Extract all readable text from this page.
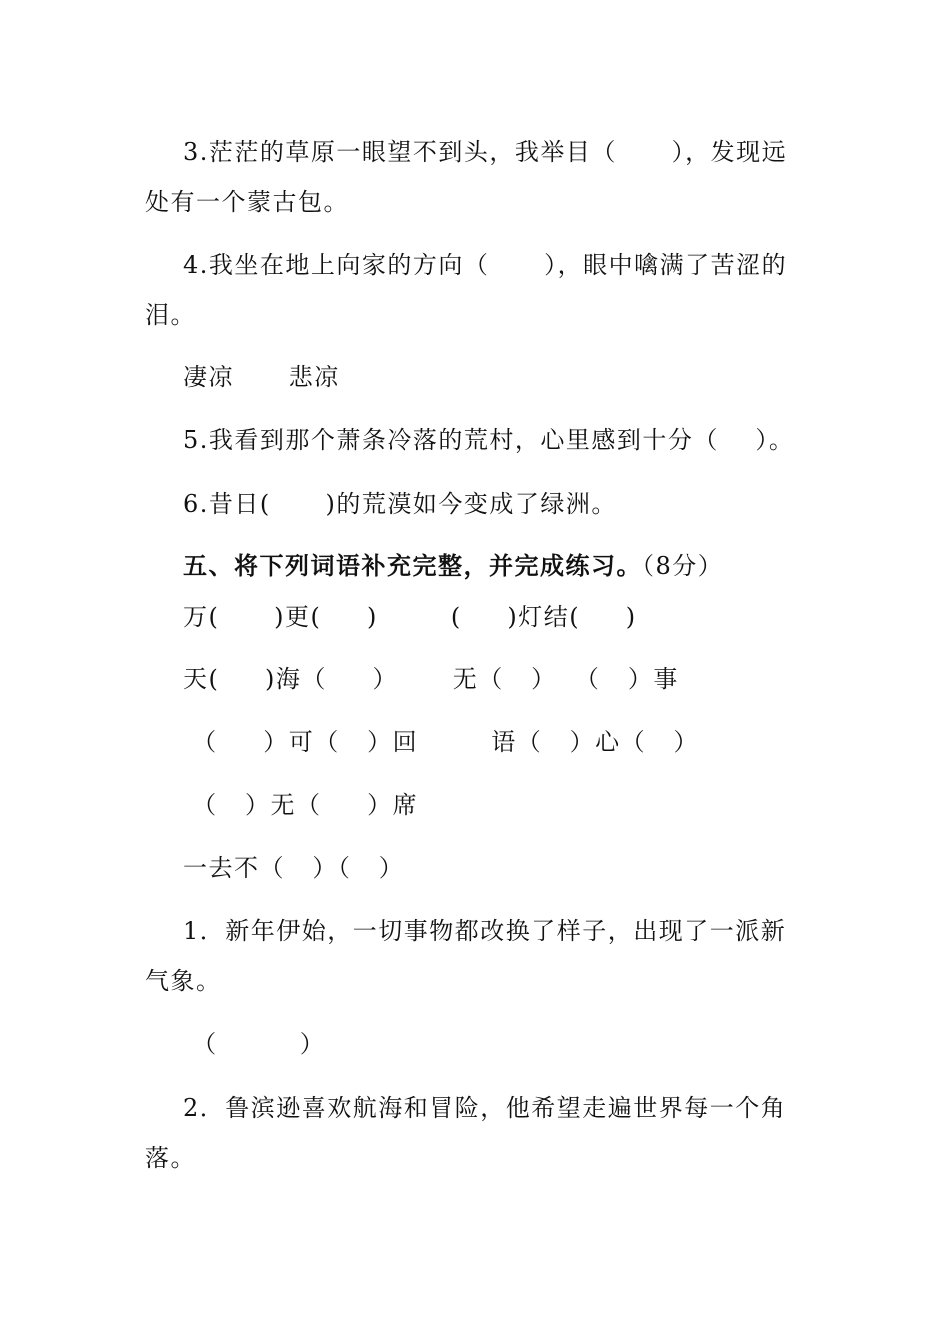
3.茫茫的草原一眼望不到头，我举目（      ），发现远
处有一个蒙古包。
4.我坐在地上向家的方向（      ），眼中噙满了苦涩的
泪。
凄凉      悲凉
5.我看到那个萧条冷落的荒村，心里感到十分（    ）。
6.昔日(      )的荒漠如今变成了绿洲。
五、将下列词语补充完整，并完成练习。（8分）
万(      )更(     )        (     )灯结(     )
天(     )海（     ）      无（   ）  （   ）事
（     ）可（   ）回        语（   ）心（   ）
（   ）无（     ）席
一去不（   ）（   ）
1．新年伊始，一切事物都改换了样子，出现了一派新
气象。
（         ）
2．鲁滨逊喜欢航海和冒险，他希望走遍世界每一个角
落。
